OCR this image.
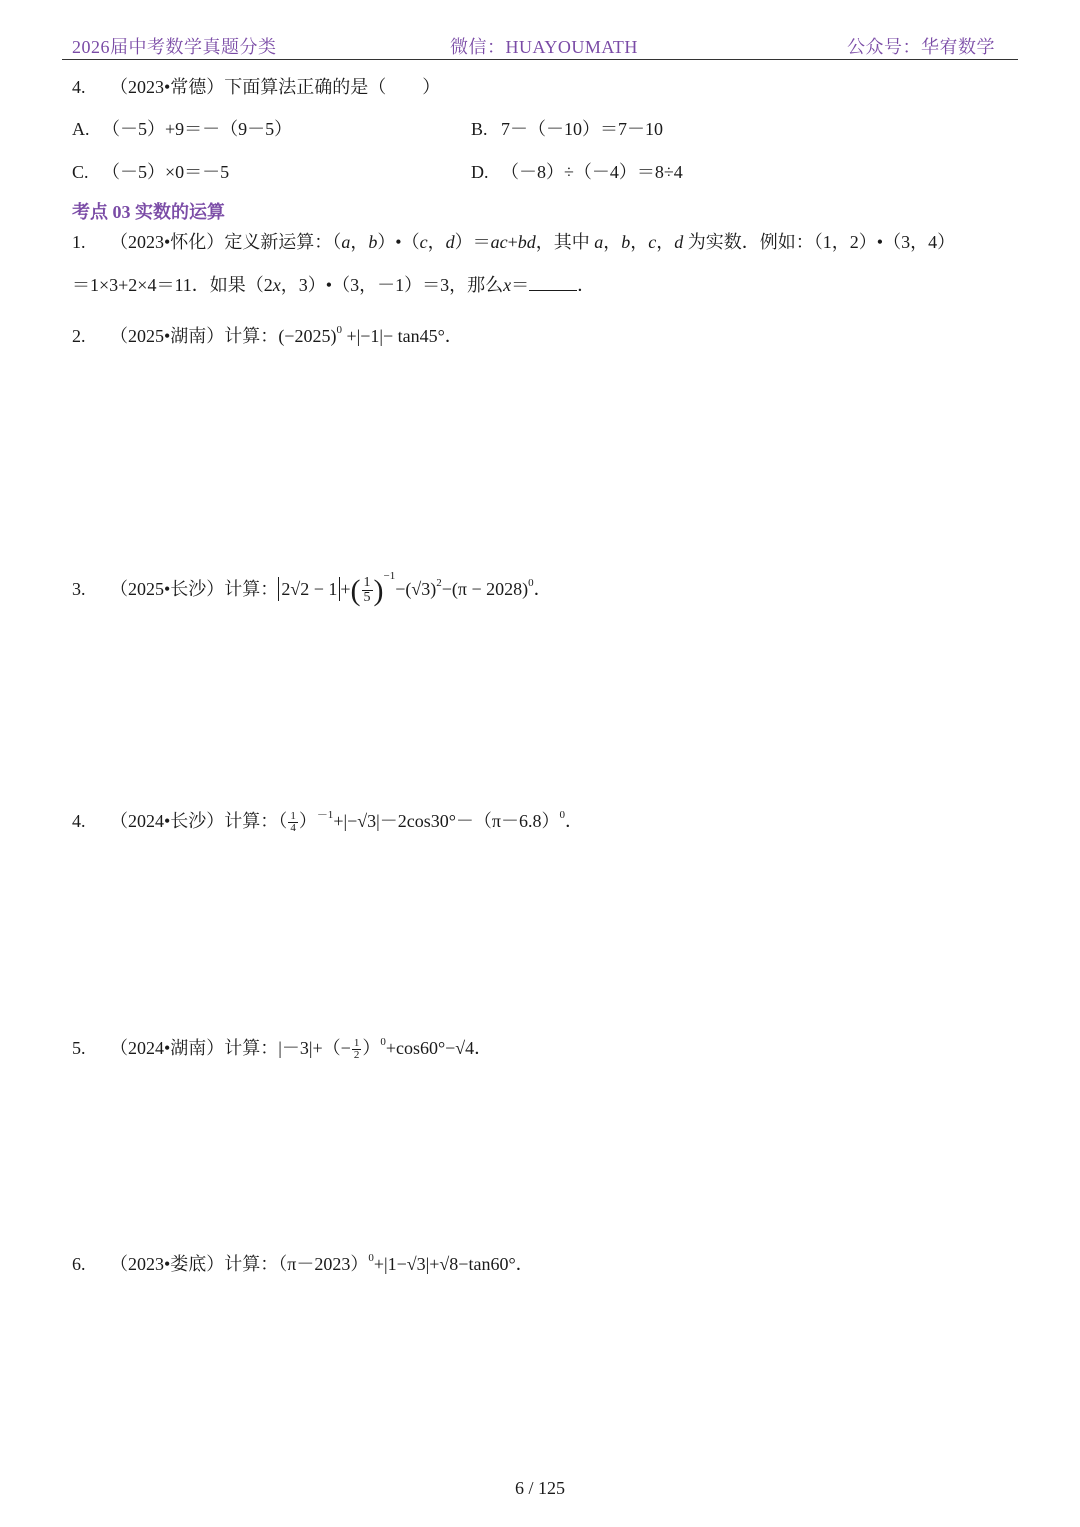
2026届中考数学真题分类	微信：HUAYOUMATH	公众号：华宥数学
4. （2023•常德）下面算法正确的是（　　）
A. （－5）+9＝－（9－5）	B. 7－（－10）＝7－10
C. （－5）×0＝－5	D. （－8）÷（－4）＝8÷4
考点 03 实数的运算
1. （2023•怀化）定义新运算：（a，b）•（c，d）＝ac+bd，其中 a，b，c，d 为实数．例如：（1，2）•（3，4）
＝1×3+2×4＝11．如果（2x，3）•（3，－1）＝3，那么x＝	．
2. （2025•湖南）计算：$(-2025)^0 +|-1|- \tan 45^\circ$．
3. （2025•长沙）计算： 2√2 − 1 +( $\frac{1}{5} )^{-1}-(√3)^2-(\pi - 2028)^0$．
4. （2024•长沙）计算：（ $\frac{1}{4} )^{-1}+|-√3|-2\cos 30^\circ-(\pi-6.8)^0$．
5. （2024•湖南）计算：$|-3|+(- \frac{1}{2} )^0+\cos 60^\circ-√4$．
6. （2023•娄底）计算：$(\pi-2023)^0+|1-√3|+√8-\tan 60^\circ$．
6 / 125
